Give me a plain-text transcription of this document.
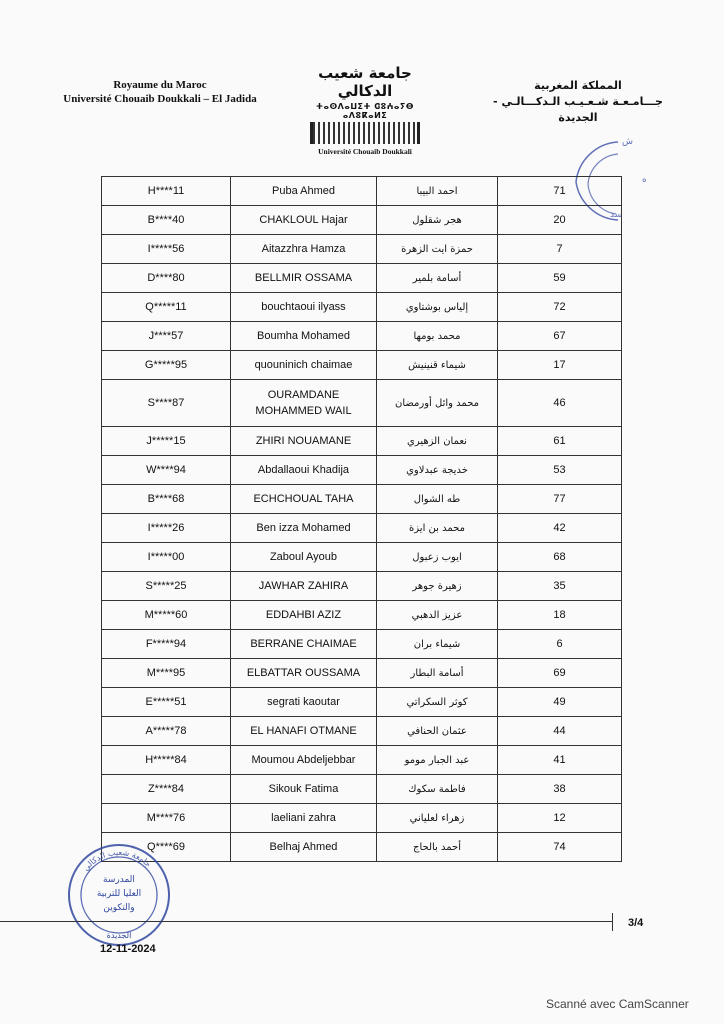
Royaume du Maroc
Université Chouaib Doukkali – El Jadida
جامعة شعيب الدكالي
ⵜⴰⵙⴷⴰⵡⵉⵜ ⵛⵓⵄⴰⵢⴱ ⴰⴷⵓⴽⴰⵍⵉ
Université Chouaib Doukkali
المملكة المغربية
جـــامـعـة شـعـيـب الـدكـــالـي - الجديدة
ش
ه
سد
H****11	Puba Ahmed	احمد البيبا	71
B****40	CHAKLOUL Hajar	هجر شقلول	20
I*****56	Aitazzhra Hamza	حمزة ايت الزهرة	7
D****80	BELLMIR OSSAMA	أسامة بلمير	59
Q*****11	bouchtaoui ilyass	إلياس بوشتاوي	72
J****57	Boumha Mohamed	محمد بومها	67
G*****95	quouninich chaimae	شيماء قنينيش	17
S****87	OURAMDANE
MOHAMMED WAIL	محمد وائل أورمضان	46
J*****15	ZHIRI NOUAMANE	نعمان الزهيري	61
W****94	Abdallaoui Khadija	خديجة عبدلاوي	53
B****68	ECHCHOUAL TAHA	طه الشوال	77
I*****26	Ben izza Mohamed	محمد بن ايزة	42
I*****00	Zaboul Ayoub	ايوب زعبول	68
S*****25	JAWHAR ZAHIRA	زهيرة جوهر	35
M*****60	EDDAHBI AZIZ	عزيز الدهبي	18
F*****94	BERRANE CHAIMAE	شيماء بران	6
M****95	ELBATTAR OUSSAMA	أسامة البطار	69
E*****51	segrati kaoutar	كوثر السكراتي	49
A*****78	EL HANAFI OTMANE	عثمان الحنافي	44
H*****84	Moumou Abdeljebbar	عبد الجبار مومو	41
Z****84	Sikouk Fatima	فاطمة سكوك	38
M****76	laeliani zahra	زهراء لعلياني	12
Q****69	Belhaj Ahmed	أحمد بالحاج	74
جامعة شعيب الدكالي
المدرسة
العليا للتربية
والتكوين
الجديدة
3/4
12-11-2024
Scanné avec CamScanner
